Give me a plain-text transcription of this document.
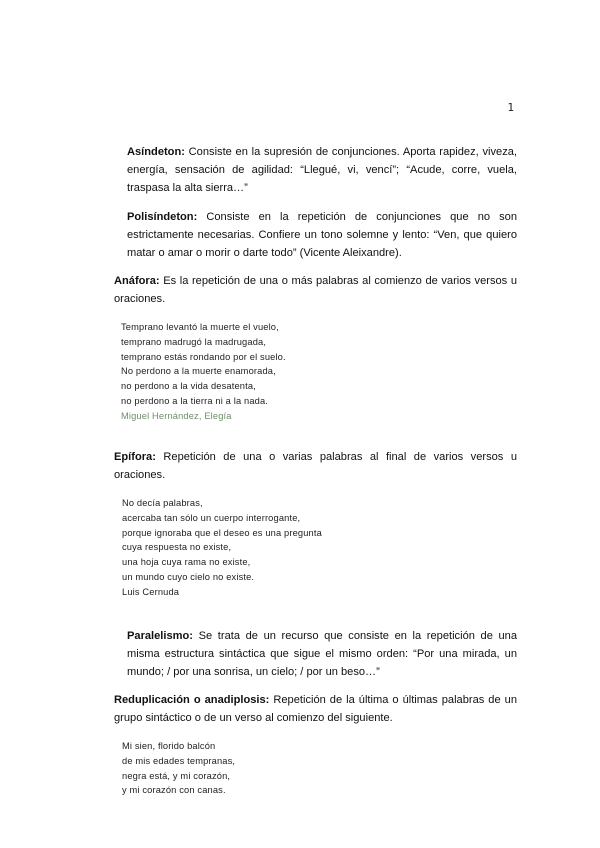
1
Asíndeton: Consiste en la supresión de conjunciones. Aporta rapidez, viveza, energía, sensación de agilidad: “Llegué, vi, vencí”; “Acude, corre, vuela, traspasa la alta sierra…”
Polisíndeton: Consiste en la repetición de conjunciones que no son estrictamente necesarias. Confiere un tono solemne y lento: “Ven, que quiero matar o amar o morir o darte todo” (Vicente Aleixandre).
Anáfora: Es la repetición de una o más palabras al comienzo de varios versos u oraciones.
Temprano levantó la muerte el vuelo,
temprano madrugó la madrugada,
temprano estás rondando por el suelo.
No perdono a la muerte enamorada,
no perdono a la vida desatenta,
no perdono a la tierra ni a la nada.
Miguel Hernández, Elegía
Epífora: Repetición de una o varias palabras al final de varios versos u oraciones.
No decía palabras,
acercaba tan sólo un cuerpo interrogante,
porque ignoraba que el deseo es una pregunta
cuya respuesta no existe,
una hoja cuya rama no existe,
un mundo cuyo cielo no existe.
Luis Cernuda
Paralelismo: Se trata de un recurso que consiste en la repetición de una misma estructura sintáctica que sigue el mismo orden: “Por una mirada, un mundo; / por una sonrisa, un cielo; / por un beso…”
Reduplicación o anadiplosis: Repetición de la última o últimas palabras de un grupo sintáctico o de un verso al comienzo del siguiente.
Mi sien, florido balcón
de mis edades tempranas,
negra está, y mi corazón,
y mi corazón con canas.
